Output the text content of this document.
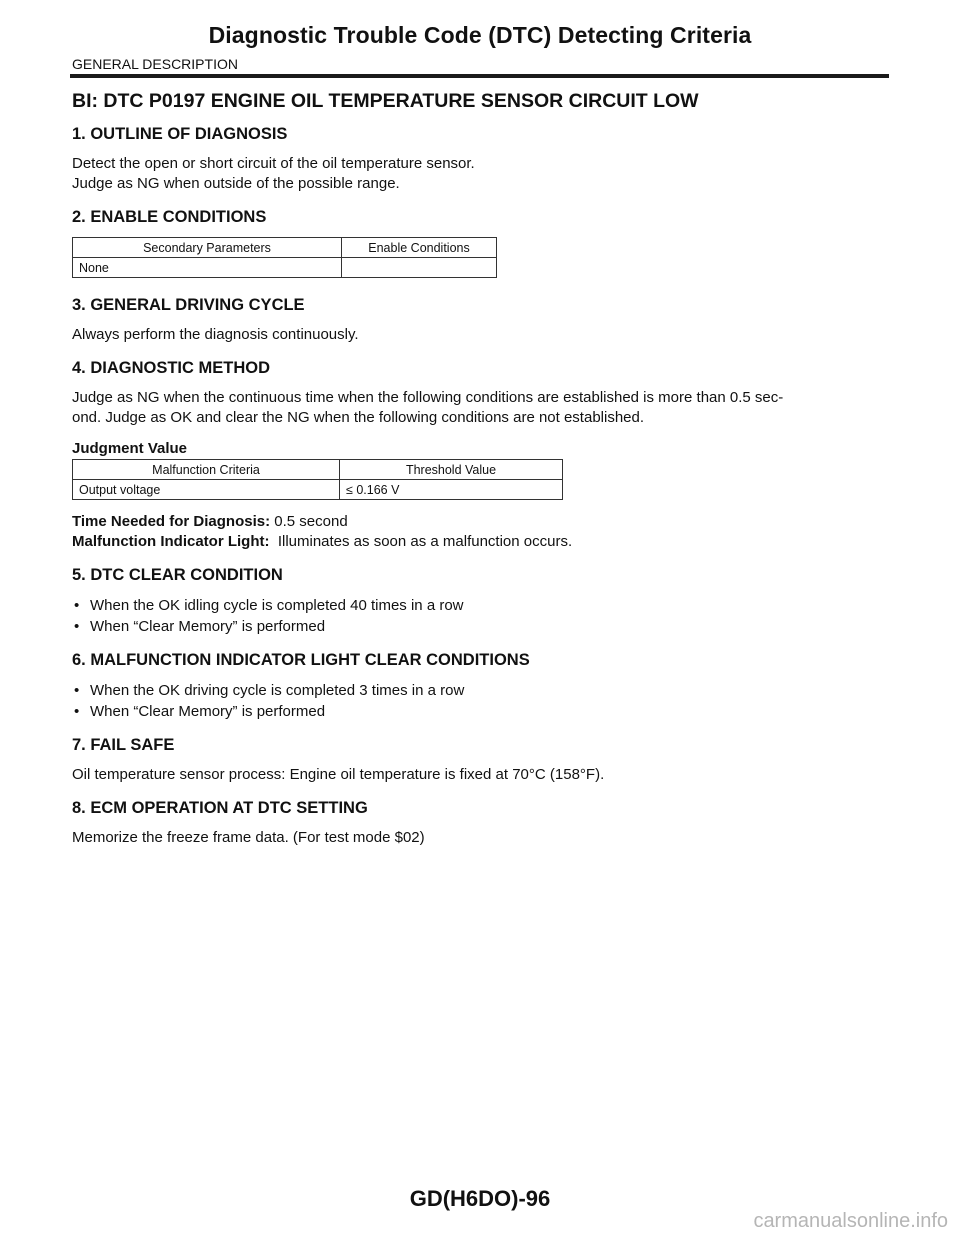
Diagnostic Trouble Code (DTC) Detecting Criteria
GENERAL DESCRIPTION
BI: DTC P0197 ENGINE OIL TEMPERATURE SENSOR CIRCUIT LOW
1. OUTLINE OF DIAGNOSIS

Detect the open or short circuit of the oil temperature sensor.

Judge as NG when outside of the possible range.

2. ENABLE CONDITIONS
Secondary Parameters	Enable Conditions
None	
3. GENERAL DRIVING CYCLE

Always perform the diagnosis continuously.

4. DIAGNOSTIC METHOD

Judge as NG when the continuous time when the following conditions are established is more than 0.5 sec-

ond. Judge as OK and clear the NG when the following conditions are not established.

Judgment Value
Malfunction Criteria	Threshold Value
Output voltage	≤ 0.166 V

Time Needed for Diagnosis: 0.5 second

Malfunction Indicator Light:  Illuminates as soon as a malfunction occurs.

5. DTC CLEAR CONDITION
• When the OK idling cycle is completed 40 times in a row
• When “Clear Memory” is performed
6. MALFUNCTION INDICATOR LIGHT CLEAR CONDITIONS
• When the OK driving cycle is completed 3 times in a row
• When “Clear Memory” is performed
7. FAIL SAFE

Oil temperature sensor process: Engine oil temperature is fixed at 70°C (158°F).

8. ECM OPERATION AT DTC SETTING

Memorize the freeze frame data. (For test mode $02)

GD(H6DO)-96
carmanualsonline.info
